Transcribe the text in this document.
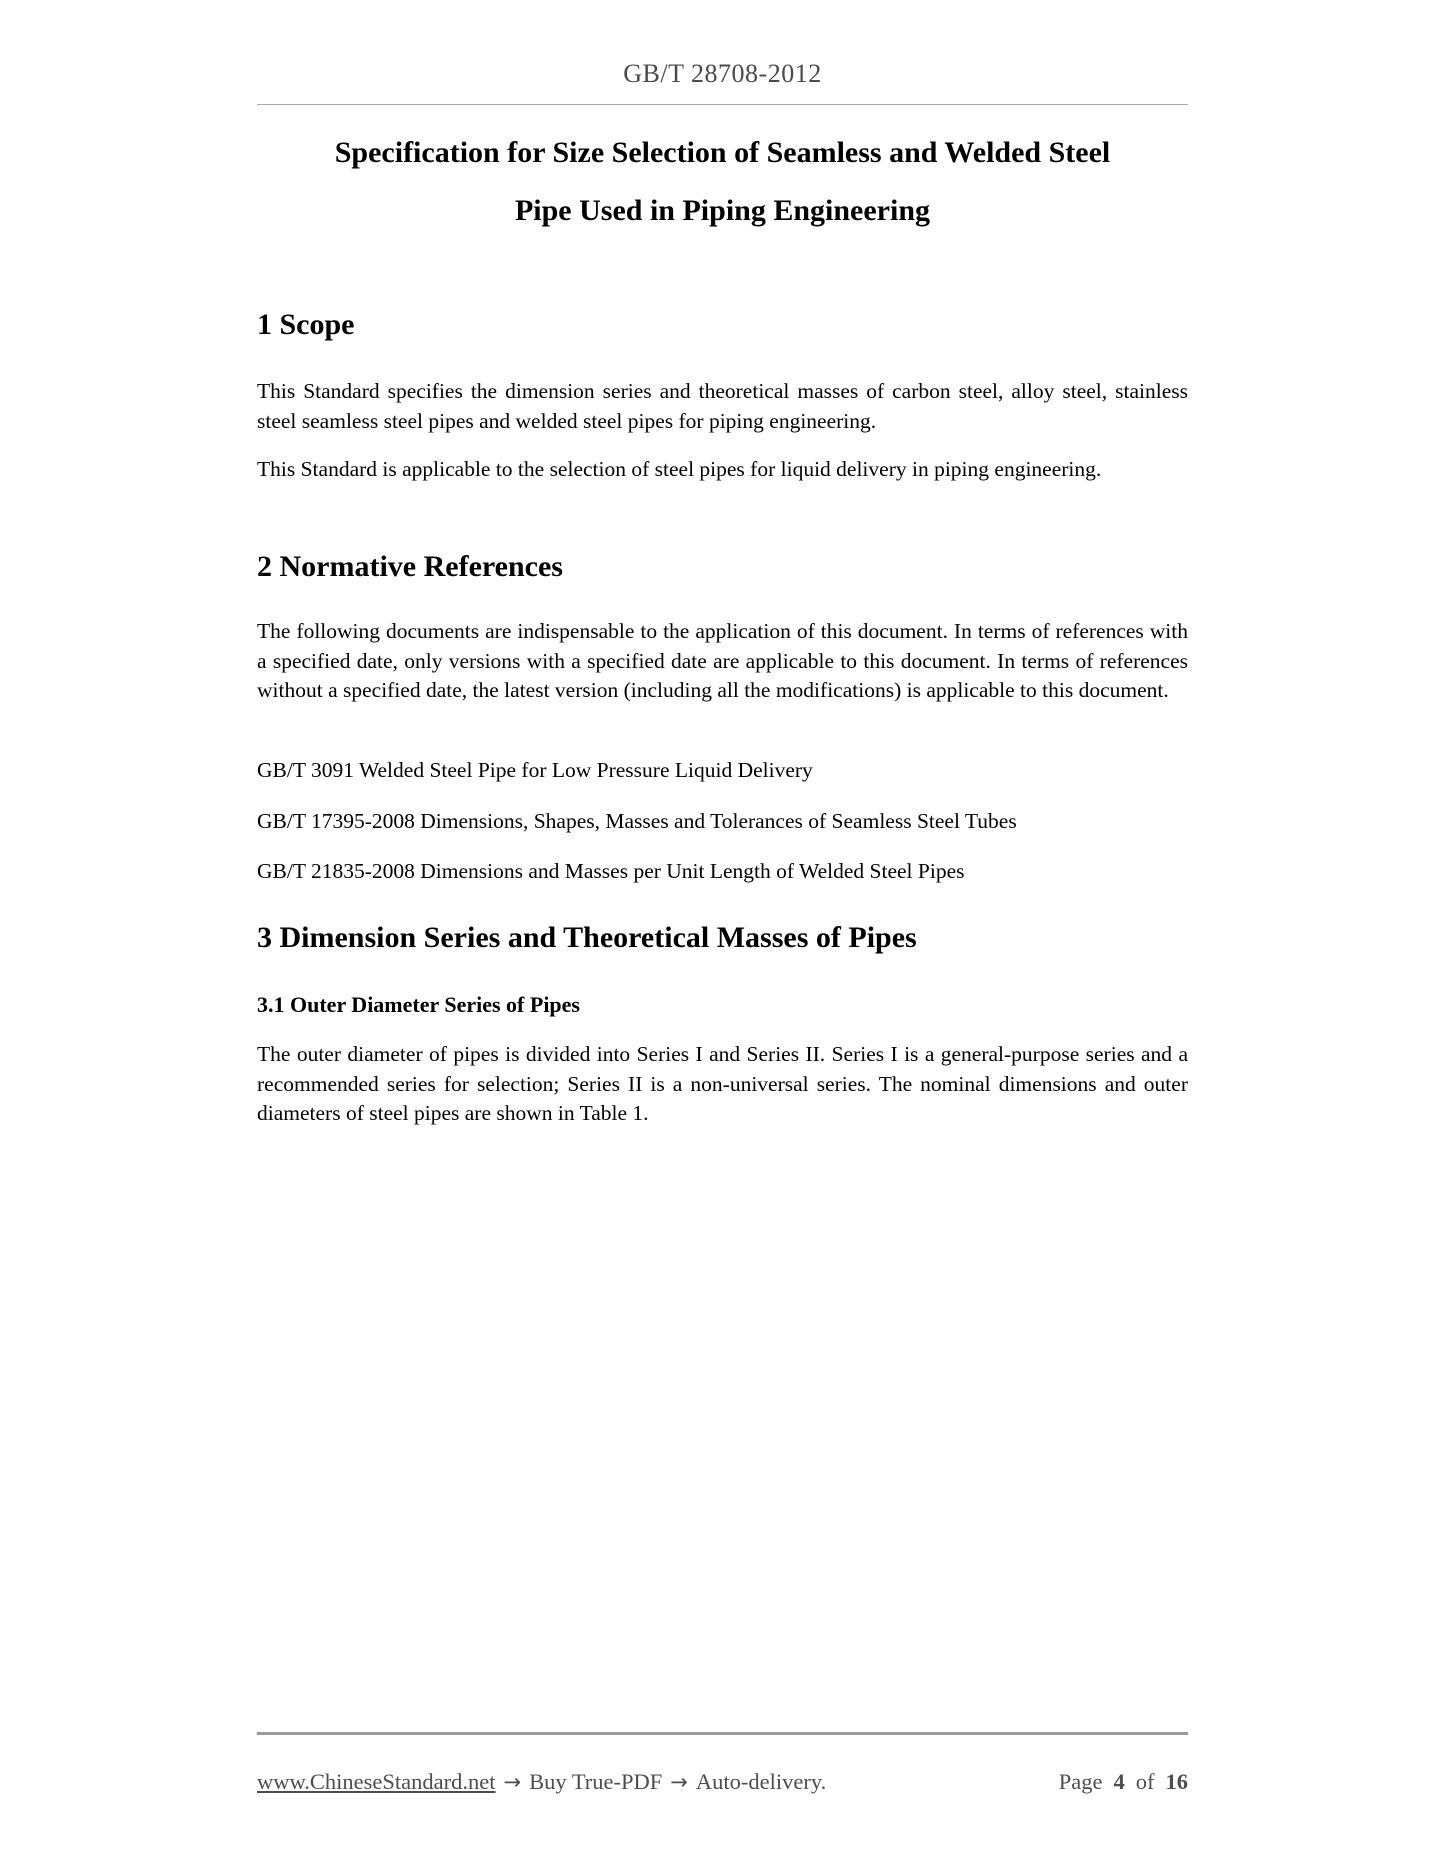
GB/T 28708-2012
Specification for Size Selection of Seamless and Welded Steel
Pipe Used in Piping Engineering
1 Scope
This Standard specifies the dimension series and theoretical masses of carbon steel, alloy steel, stainless steel seamless steel pipes and welded steel pipes for piping engineering.
This Standard is applicable to the selection of steel pipes for liquid delivery in piping engineering.
2 Normative References
The following documents are indispensable to the application of this document. In terms of references with a specified date, only versions with a specified date are applicable to this document. In terms of references without a specified date, the latest version (including all the modifications) is applicable to this document.
GB/T 3091 Welded Steel Pipe for Low Pressure Liquid Delivery
GB/T 17395-2008 Dimensions, Shapes, Masses and Tolerances of Seamless Steel Tubes
GB/T 21835-2008 Dimensions and Masses per Unit Length of Welded Steel Pipes
3 Dimension Series and Theoretical Masses of Pipes
3.1 Outer Diameter Series of Pipes
The outer diameter of pipes is divided into Series I and Series II. Series I is a general-purpose series and a recommended series for selection; Series II is a non-universal series. The nominal dimensions and outer diameters of steel pipes are shown in Table 1.
www.ChineseStandard.net → Buy True-PDF → Auto-delivery.	Page 4 of 16
